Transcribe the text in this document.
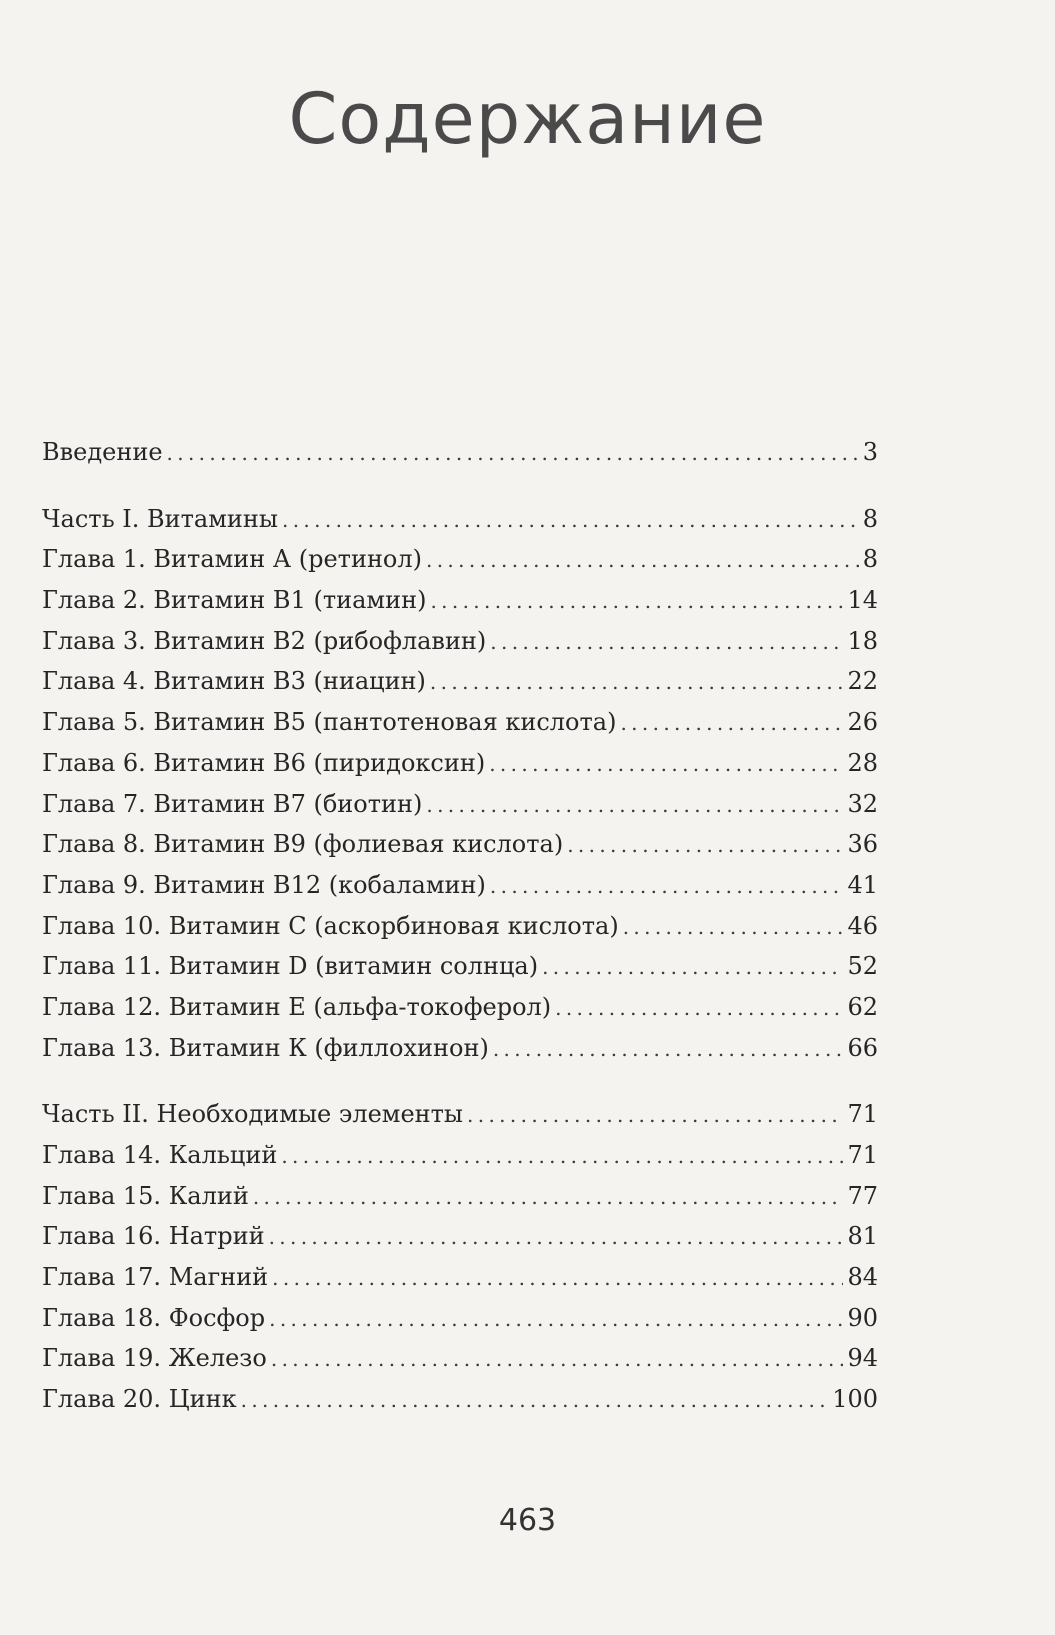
Содержание
Введение . . .	3
Часть I. Витамины . . .	8
Глава 1. Витамин А (ретинол) . . .	8
Глава 2. Витамин В1 (тиамин) . . .	14
Глава 3. Витамин В2 (рибофлавин) . . .	18
Глава 4. Витамин В3 (ниацин) . . .	22
Глава 5. Витамин В5 (пантотеновая кислота) . . .	26
Глава 6. Витамин В6 (пиридоксин) . . .	28
Глава 7. Витамин В7 (биотин) . . .	32
Глава 8. Витамин В9 (фолиевая кислота) . . .	36
Глава 9. Витамин В12 (кобаламин) . . .	41
Глава 10. Витамин С (аскорбиновая кислота) . . .	46
Глава 11. Витамин D (витамин солнца) . . .	52
Глава 12. Витамин Е (альфа-токоферол) . . .	62
Глава 13. Витамин К (филлохинон) . . .	66
Часть II. Необходимые элементы . . .	71
Глава 14. Кальций . . .	71
Глава 15. Калий . . .	77
Глава 16. Натрий . . .	81
Глава 17. Магний . . .	84
Глава 18. Фосфор . . .	90
Глава 19. Железо . . .	94
Глава 20. Цинк . . .	100
463
